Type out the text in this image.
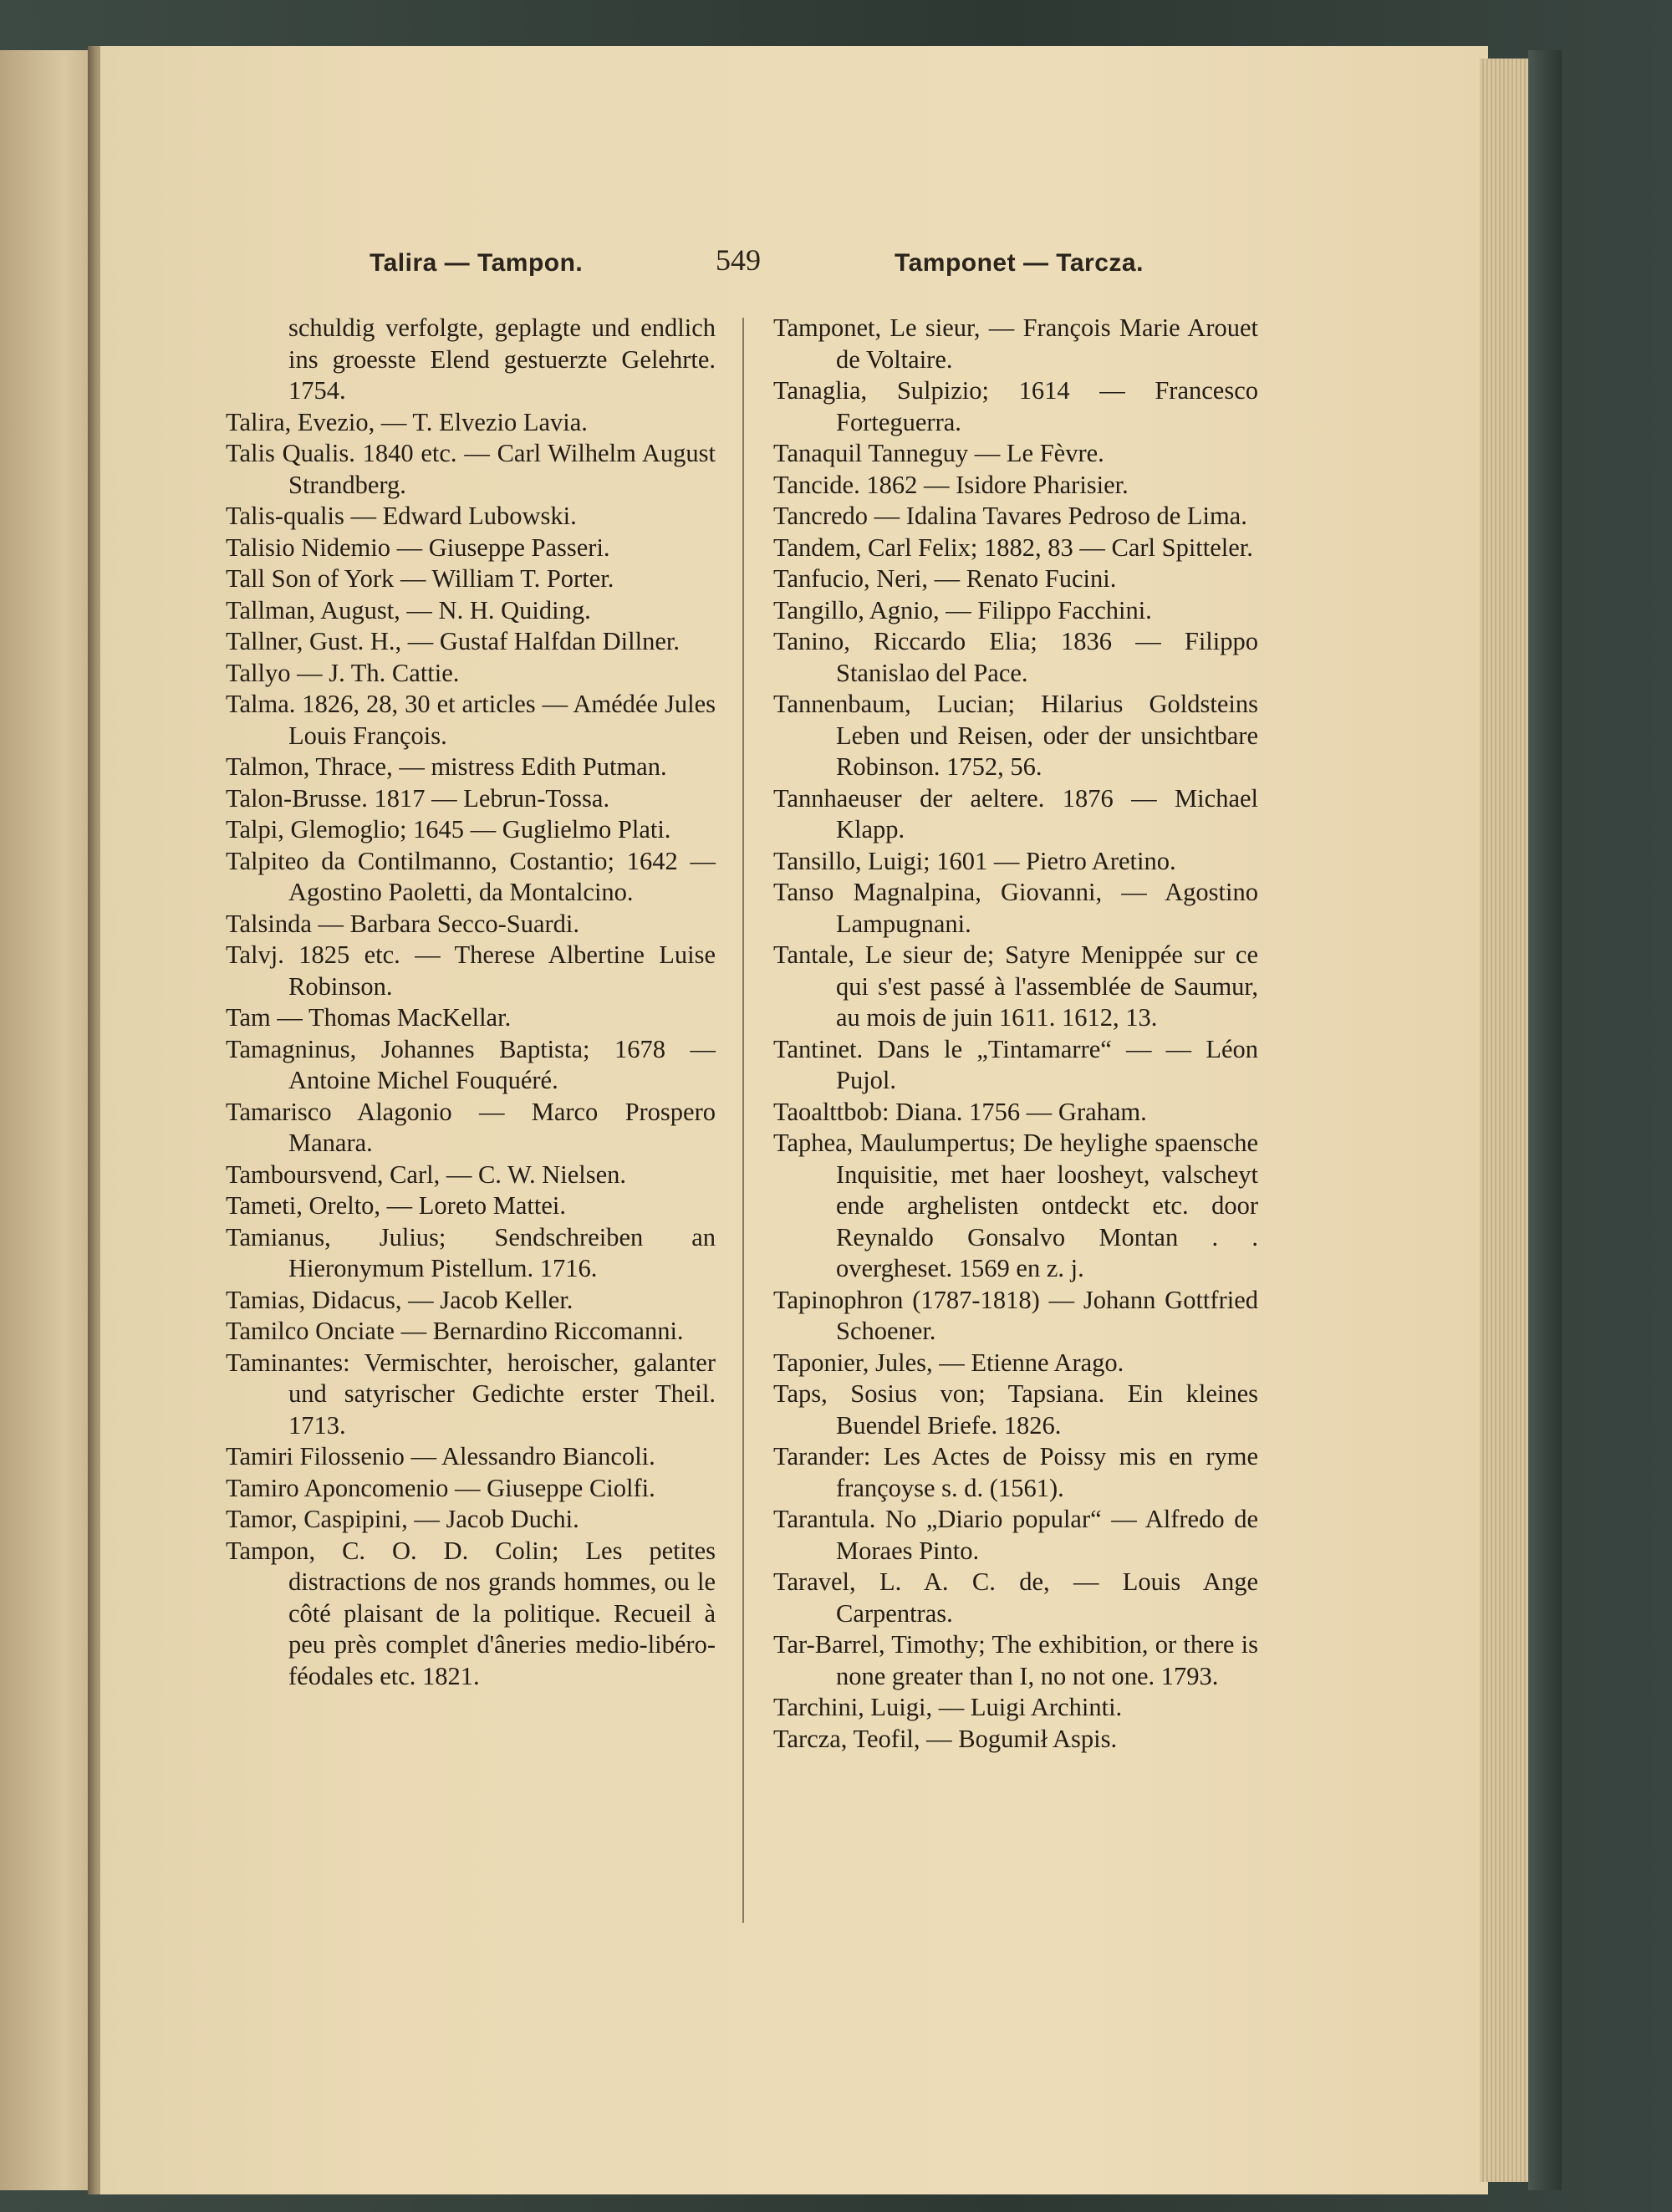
Talira — Tampon.	549	Tamponet — Tarcza.

schuldig verfolgte, geplagte und endlich ins groesste Elend gestuerzte Gelehrte. 1754.

Talira, Evezio, — T. Elvezio Lavia.

Talis Qualis. 1840 etc. — Carl Wilhelm August Strandberg.

Talis-qualis — Edward Lubowski.

Talisio Nidemio — Giuseppe Passeri.

Tall Son of York — William T. Porter.

Tallman, August, — N. H. Quiding.

Tallner, Gust. H., — Gustaf Halfdan Dillner.

Tallyo — J. Th. Cattie.

Talma. 1826, 28, 30 et articles — Amédée Jules Louis François.

Talmon, Thrace, — mistress Edith Putman.

Talon-Brusse. 1817 — Lebrun-Tossa.

Talpi, Glemoglio; 1645 — Guglielmo Plati.

Talpiteo da Contilmanno, Costantio; 1642 — Agostino Paoletti, da Montalcino.

Talsinda — Barbara Secco-Suardi.

Talvj. 1825 etc. — Therese Albertine Luise Robinson.

Tam — Thomas MacKellar.

Tamagninus, Johannes Baptista; 1678 — Antoine Michel Fouquéré.

Tamarisco Alagonio — Marco Prospero Manara.

Tamboursvend, Carl, — C. W. Nielsen.

Tameti, Orelto, — Loreto Mattei.

Tamianus, Julius; Sendschreiben an Hieronymum Pistellum. 1716.

Tamias, Didacus, — Jacob Keller.

Tamilco Onciate — Bernardino Riccomanni.

Taminantes: Vermischter, heroischer, galanter und satyrischer Gedichte erster Theil. 1713.

Tamiri Filossenio — Alessandro Biancoli.

Tamiro Aponcomenio — Giuseppe Ciolfi.

Tamor, Caspipini, — Jacob Duchi.

Tampon, C. O. D. Colin; Les petites distractions de nos grands hommes, ou le côté plaisant de la politique. Recueil à peu près complet d'âneries medio-libéro-féodales etc. 1821.

Tamponet, Le sieur, — François Marie Arouet de Voltaire.

Tanaglia, Sulpizio; 1614 — Francesco Forteguerra.

Tanaquil Tanneguy — Le Fèvre.

Tancide. 1862 — Isidore Pharisier.

Tancredo — Idalina Tavares Pedroso de Lima.

Tandem, Carl Felix; 1882, 83 — Carl Spitteler.

Tanfucio, Neri, — Renato Fucini.

Tangillo, Agnio, — Filippo Facchini.

Tanino, Riccardo Elia; 1836 — Filippo Stanislao del Pace.

Tannenbaum, Lucian; Hilarius Goldsteins Leben und Reisen, oder der unsichtbare Robinson. 1752, 56.

Tannhaeuser der aeltere. 1876 — Michael Klapp.

Tansillo, Luigi; 1601 — Pietro Aretino.

Tanso Magnalpina, Giovanni, — Agostino Lampugnani.

Tantale, Le sieur de; Satyre Menippée sur ce qui s'est passé à l'assemblée de Saumur, au mois de juin 1611. 1612, 13.

Tantinet. Dans le „Tintamarre“ — — Léon Pujol.

Taoalttbob: Diana. 1756 — Graham.

Taphea, Maulumpertus; De heylighe spaensche Inquisitie, met haer loosheyt, valscheyt ende arghelisten ontdeckt etc. door Reynaldo Gonsalvo Montan . . overgheset. 1569 en z. j.

Tapinophron (1787-1818) — Johann Gottfried Schoener.

Taponier, Jules, — Etienne Arago.

Taps, Sosius von; Tapsiana. Ein kleines Buendel Briefe. 1826.

Tarander: Les Actes de Poissy mis en ryme françoyse s. d. (1561).

Tarantula. No „Diario popular“ — Alfredo de Moraes Pinto.

Taravel, L. A. C. de, — Louis Ange Carpentras.

Tar-Barrel, Timothy; The exhibition, or there is none greater than I, no not one. 1793.

Tarchini, Luigi, — Luigi Archinti.

Tarcza, Teofil, — Bogumił Aspis.
